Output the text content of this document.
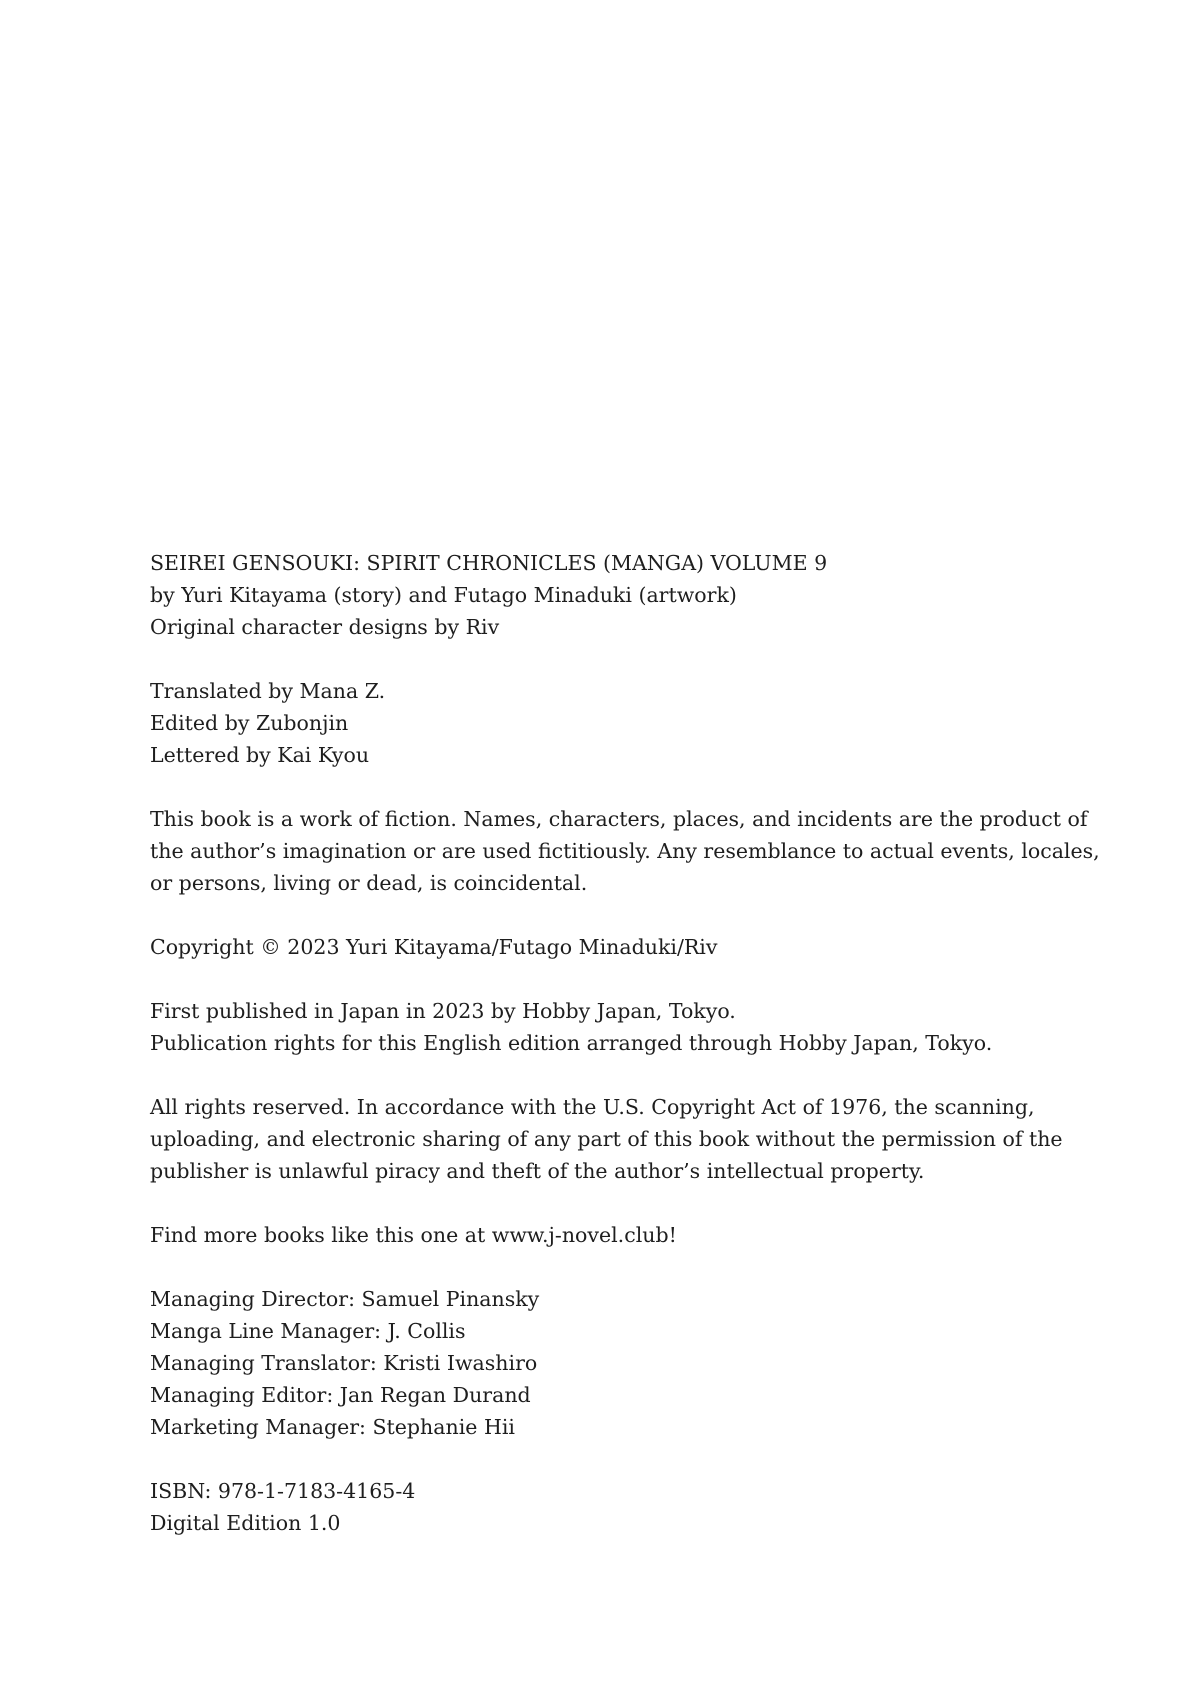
SEIREI GENSOUKI: SPIRIT CHRONICLES (MANGA) VOLUME 9
by Yuri Kitayama (story) and Futago Minaduki (artwork)
Original character designs by Riv
Translated by Mana Z.
Edited by Zubonjin
Lettered by Kai Kyou
This book is a work of fiction. Names, characters, places, and incidents are the product of
the author’s imagination or are used fictitiously. Any resemblance to actual events, locales,
or persons, living or dead, is coincidental.
Copyright © 2023 Yuri Kitayama/Futago Minaduki/Riv
First published in Japan in 2023 by Hobby Japan, Tokyo.
Publication rights for this English edition arranged through Hobby Japan, Tokyo.
All rights reserved. In accordance with the U.S. Copyright Act of 1976, the scanning,
uploading, and electronic sharing of any part of this book without the permission of the
publisher is unlawful piracy and theft of the author’s intellectual property.
Find more books like this one at www.j-novel.club!
Managing Director: Samuel Pinansky
Manga Line Manager: J. Collis
Managing Translator: Kristi Iwashiro
Managing Editor: Jan Regan Durand
Marketing Manager: Stephanie Hii
ISBN: 978-1-7183-4165-4
Digital Edition 1.0
